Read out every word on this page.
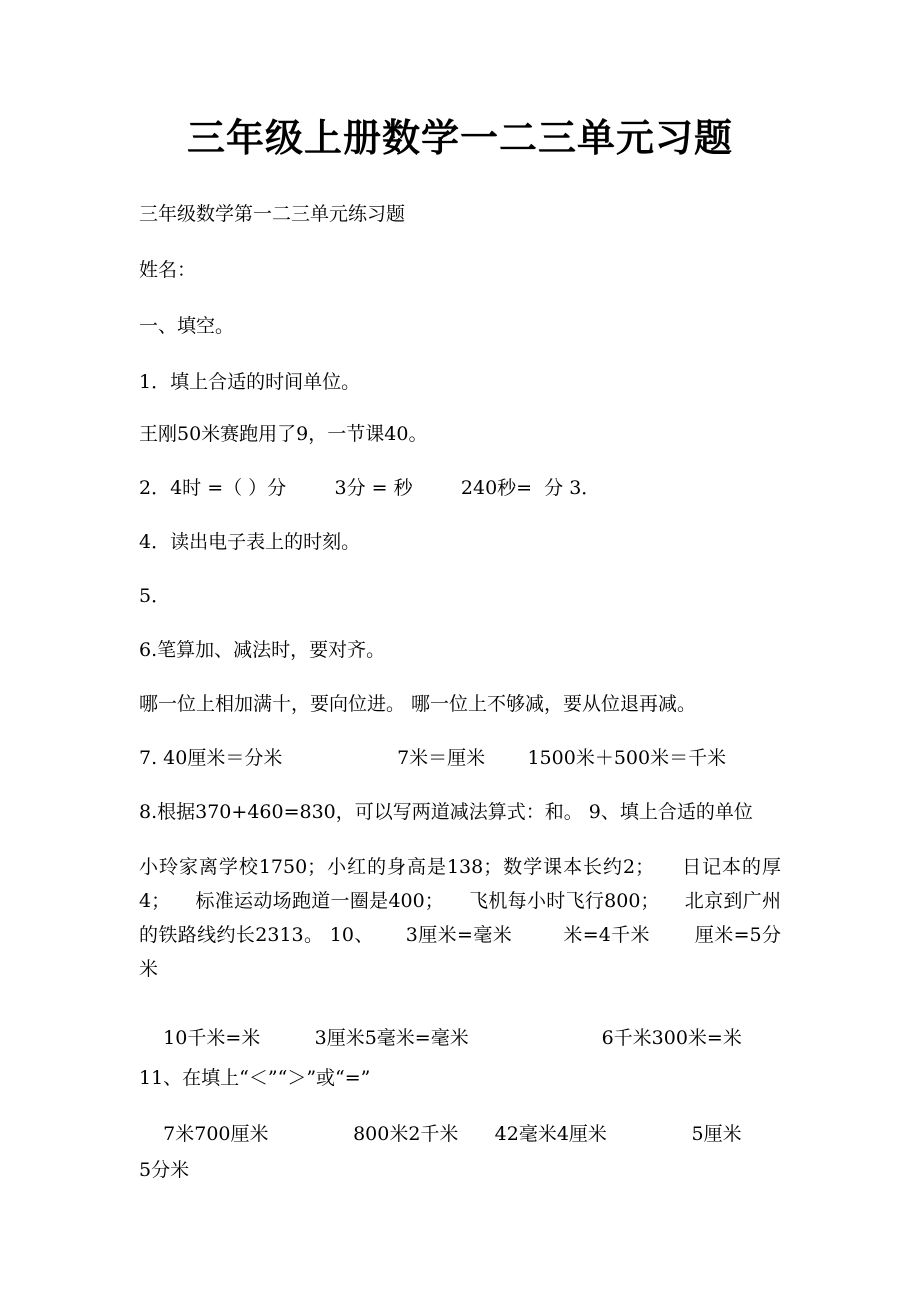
三年级上册数学一二三单元习题
三年级数学第一二三单元练习题
姓名：
一、填空。
1．填上合适的时间单位。
王刚50米赛跑用了9，一节课40。
2．4时 =（ ）分        3分 = 秒        240秒=  分 3．
4．读出电子表上的时刻。
5．
6.笔算加、减法时，要对齐。
哪一位上相加满十，要向位进。 哪一位上不够减，要从位退再减。
7. 40厘米＝分米                   7米＝厘米       1500米＋500米＝千米
8.根据370+460=830，可以写两道减法算式：和。 9、填上合适的单位
小玲家离学校1750；小红的身高是138；数学课本长约2；    日记本的厚4；    标准运动场跑道一圈是400；    飞机每小时飞行800；    北京到广州的铁路线约长2313。 10、     3厘米=毫米        米=4千米       厘米=5分米
10千米=米         3厘米5毫米=毫米                      6千米300米=米
11、在填上“＜”“＞”或“=”
7米700厘米              800米2千米      42毫米4厘米              5厘米
5分米
